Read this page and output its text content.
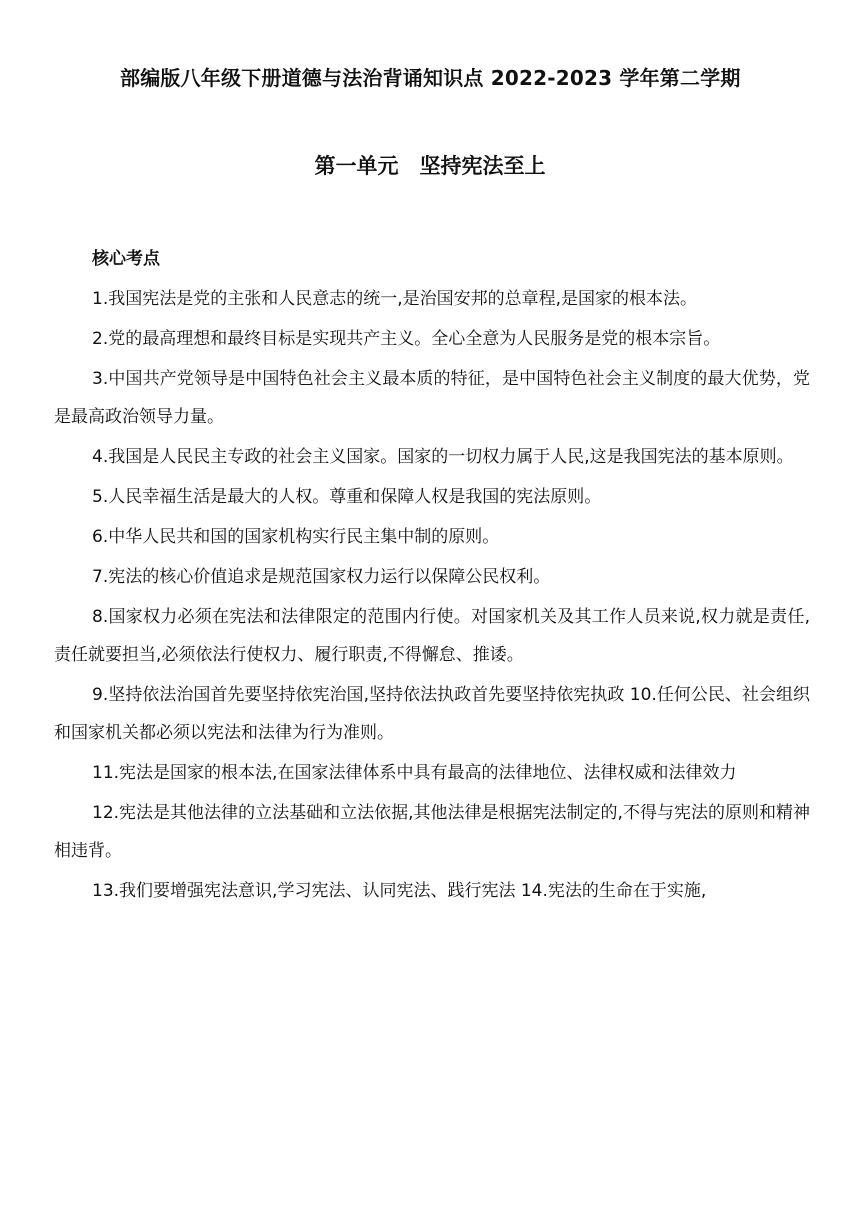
部编版八年级下册道德与法治背诵知识点 2022-2023 学年第二学期
第一单元　坚持宪法至上

核心考点

1.我国宪法是党的主张和人民意志的统一,是治国安邦的总章程,是国家的根本法。

2.党的最高理想和最终目标是实现共产主义。全心全意为人民服务是党的根本宗旨。

3.中国共产党领导是中国特色社会主义最本质的特征，是中国特色社会主义制度的最大优势，党是最高政治领导力量。

4.我国是人民民主专政的社会主义国家。国家的一切权力属于人民,这是我国宪法的基本原则。

5.人民幸福生活是最大的人权。尊重和保障人权是我国的宪法原则。

6.中华人民共和国的国家机构实行民主集中制的原则。

7.宪法的核心价值追求是规范国家权力运行以保障公民权利。

8.国家权力必须在宪法和法律限定的范围内行使。对国家机关及其工作人员来说,权力就是责任,责任就要担当,必须依法行使权力、履行职责,不得懈怠、推诿。

9.坚持依法治国首先要坚持依宪治国,坚持依法执政首先要坚持依宪执政 10.任何公民、社会组织和国家机关都必须以宪法和法律为行为准则。

11.宪法是国家的根本法,在国家法律体系中具有最高的法律地位、法律权威和法律效力

12.宪法是其他法律的立法基础和立法依据,其他法律是根据宪法制定的,不得与宪法的原则和精神相违背。

13.我们要增强宪法意识,学习宪法、认同宪法、践行宪法 14.宪法的生命在于实施,
